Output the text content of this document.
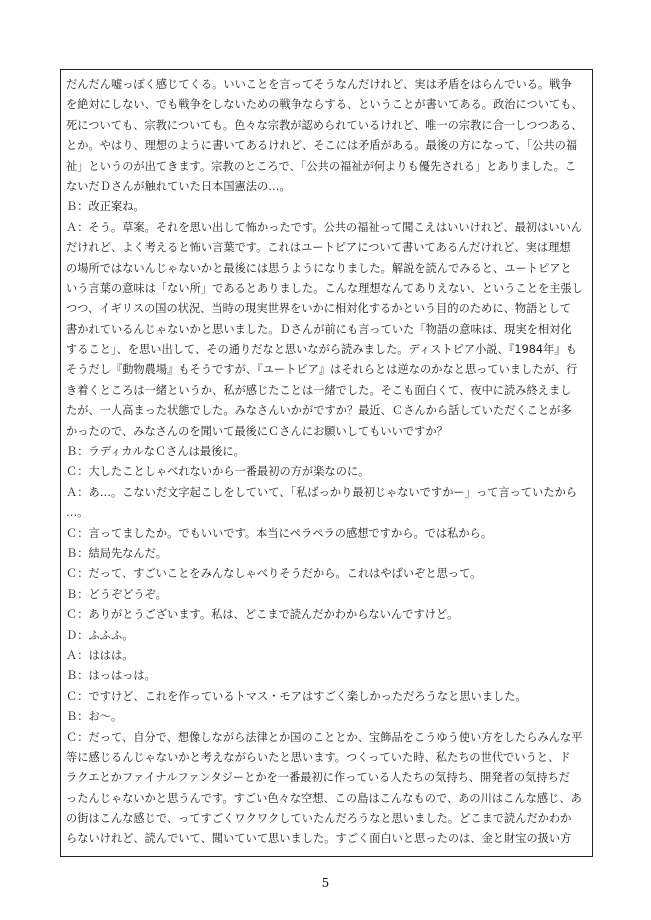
だんだん嘘っぽく感じてくる。いいことを言ってそうなんだけれど、実は矛盾をはらんでいる。戦争
を絶対にしない、でも戦争をしないための戦争ならする、ということが書いてある。政治についても、
死についても、宗教についても。色々な宗教が認められているけれど、唯一の宗教に合一しつつある、
とか。やはり、理想のように書いてあるけれど、そこには矛盾がある。最後の方になって、「公共の福
祉」というのが出てきます。宗教のところで、「公共の福祉が何よりも優先される」とありました。こ
ないだＤさんが触れていた日本国憲法の…。
Ｂ：改正案ね。
Ａ：そう。草案。それを思い出して怖かったです。公共の福祉って聞こえはいいけれど、最初はいいん
だけれど、よく考えると怖い言葉です。これはユートピアについて書いてあるんだけれど、実は理想
の場所ではないんじゃないかと最後には思うようになりました。解説を読んでみると、ユートピアと
いう言葉の意味は「ない所」であるとありました。こんな理想なんてありえない、ということを主張し
つつ、イギリスの国の状況、当時の現実世界をいかに相対化するかという目的のために、物語として
書かれているんじゃないかと思いました。Ｄさんが前にも言っていた「物語の意味は、現実を相対化
すること」、を思い出して、その通りだなと思いながら読みました。ディストピア小説、『1984年』も
そうだし『動物農場』もそうですが、『ユートピア』はそれらとは逆なのかなと思っていましたが、行
き着くところは一緒というか、私が感じたことは一緒でした。そこも面白くて、夜中に読み終えまし
たが、一人高まった状態でした。みなさんいかがですか？最近、Ｃさんから話していただくことが多
かったので、みなさんのを聞いて最後にＣさんにお願いしてもいいですか？
Ｂ：ラディカルなＣさんは最後に。
Ｃ：大したことしゃべれないから一番最初の方が楽なのに。
Ａ：あ…。こないだ文字起こしをしていて、「私ばっかり最初じゃないですかー」って言っていたから
…。
Ｃ：言ってましたか。でもいいです。本当にペラペラの感想ですから。では私から。
Ｂ：結局先なんだ。
Ｃ：だって、すごいことをみんなしゃべりそうだから。これはやばいぞと思って。
Ｂ：どうぞどうぞ。
Ｃ：ありがとうございます。私は、どこまで読んだかわからないんですけど。
Ｄ：ふふふ。
Ａ：ははは。
Ｂ：はっはっは。
Ｃ：ですけど、これを作っているトマス・モアはすごく楽しかっただろうなと思いました。
Ｂ：お〜。
Ｃ：だって、自分で、想像しながら法律とか国のこととか、宝飾品をこうゆう使い方をしたらみんな平
等に感じるんじゃないかと考えながらいたと思います。つくっていた時、私たちの世代でいうと、ド
ラクエとかファイナルファンタジーとかを一番最初に作っている人たちの気持ち、開発者の気持ちだ
ったんじゃないかと思うんです。すごい色々な空想、この島はこんなもので、あの川はこんな感じ、あ
の街はこんな感じで、ってすごくワクワクしていたんだろうなと思いました。どこまで読んだかわか
らないけれど、読んでいて、聞いていて思いました。すごく面白いと思ったのは、金と財宝の扱い方
5
